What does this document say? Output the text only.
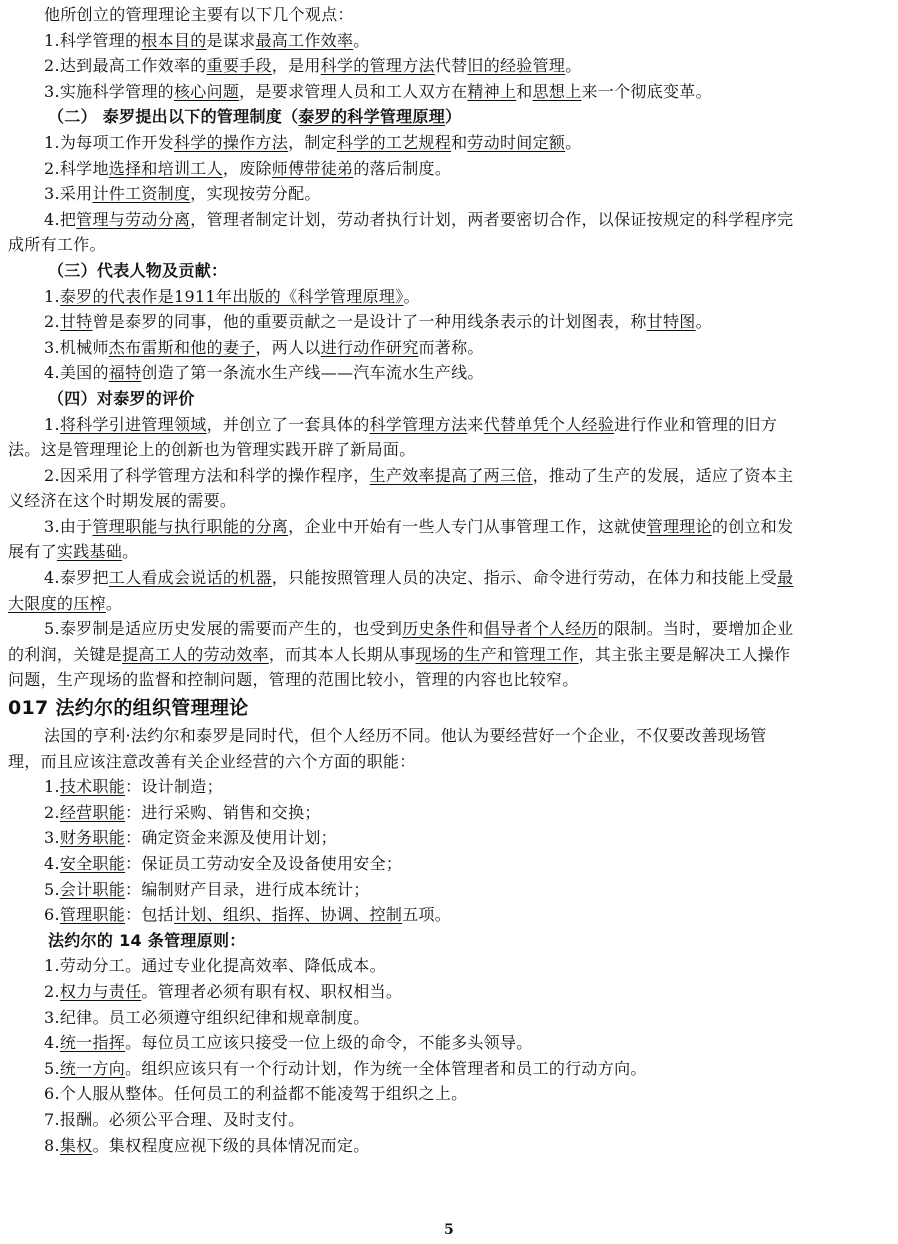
他所创立的管理理论主要有以下几个观点：
1.科学管理的根本目的是谋求最高工作效率。
2.达到最高工作效率的重要手段，是用科学的管理方法代替旧的经验管理。
3.实施科学管理的核心问题，是要求管理人员和工人双方在精神上和思想上来一个彻底变革。
（二） 泰罗提出以下的管理制度（泰罗的科学管理原理）
1.为每项工作开发科学的操作方法，制定科学的工艺规程和劳动时间定额。
2.科学地选择和培训工人，废除师傅带徒弟的落后制度。
3.采用计件工资制度，实现按劳分配。
4.把管理与劳动分离，管理者制定计划，劳动者执行计划，两者要密切合作，以保证按规定的科学程序完
成所有工作。
（三）代表人物及贡献：
1.泰罗的代表作是1911年出版的《科学管理原理》。
2.甘特曾是泰罗的同事，他的重要贡献之一是设计了一种用线条表示的计划图表，称甘特图。
3.机械师杰布雷斯和他的妻子，两人以进行动作研究而著称。
4.美国的福特创造了第一条流水生产线——汽车流水生产线。
（四）对泰罗的评价
1.将科学引进管理领域，并创立了一套具体的科学管理方法来代替单凭个人经验进行作业和管理的旧方
法。这是管理理论上的创新也为管理实践开辟了新局面。
2.因采用了科学管理方法和科学的操作程序，生产效率提高了两三倍，推动了生产的发展，适应了资本主
义经济在这个时期发展的需要。
3.由于管理职能与执行职能的分离，企业中开始有一些人专门从事管理工作，这就使管理理论的创立和发
展有了实践基础。
4.泰罗把工人看成会说话的机器，只能按照管理人员的决定、指示、命令进行劳动，在体力和技能上受最
大限度的压榨。
5.泰罗制是适应历史发展的需要而产生的，也受到历史条件和倡导者个人经历的限制。当时，要增加企业
的利润，关键是提高工人的劳动效率，而其本人长期从事现场的生产和管理工作，其主张主要是解决工人操作
问题，生产现场的监督和控制问题，管理的范围比较小，管理的内容也比较窄。
017 法约尔的组织管理理论
法国的亨利·法约尔和泰罗是同时代，但个人经历不同。他认为要经营好一个企业，不仅要改善现场管
理，而且应该注意改善有关企业经营的六个方面的职能：
1.技术职能：设计制造；
2.经营职能：进行采购、销售和交换；
3.财务职能：确定资金来源及使用计划；
4.安全职能：保证员工劳动安全及设备使用安全；
5.会计职能：编制财产目录，进行成本统计；
6.管理职能：包括计划、组织、指挥、协调、控制五项。
法约尔的 14 条管理原则：
1.劳动分工。通过专业化提高效率、降低成本。
2.权力与责任。管理者必须有职有权、职权相当。
3.纪律。员工必须遵守组织纪律和规章制度。
4.统一指挥。每位员工应该只接受一位上级的命令，不能多头领导。
5.统一方向。组织应该只有一个行动计划，作为统一全体管理者和员工的行动方向。
6.个人服从整体。任何员工的利益都不能凌驾于组织之上。
7.报酬。必须公平合理、及时支付。
8.集权。集权程度应视下级的具体情况而定。
5
